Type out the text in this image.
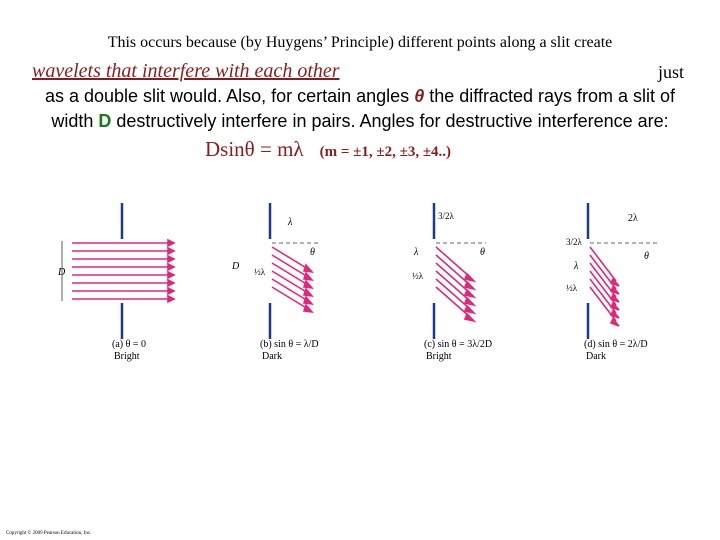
This occurs because (by Huygens’ Principle) different points along a slit create
wavelets that interfere with each other	just
as a double slit would. Also, for certain angles θ the diffracted rays from a slit of
width D destructively interfere in pairs. Angles for destructive interference are:
Dsinθ = mλ (m = ±1, ±2, ±3, ±4..)
D
(a) θ = 0
Bright
λ
½λ
D
θ
(b) sin θ = λ/D
Dark
3/2λ
λ
½λ
θ
(c) sin θ = 3λ/2D
Bright
2λ
3/2λ
λ
½λ
θ
(d) sin θ = 2λ/D
Dark
Copyright © 2009 Pearson Education, Inc.
